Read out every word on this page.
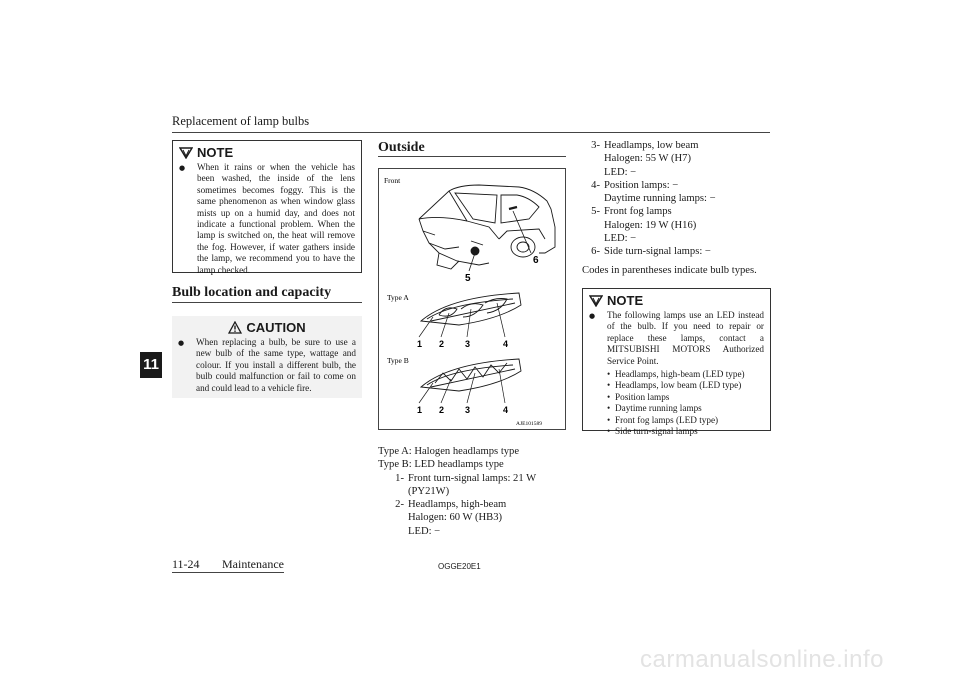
Replacement of lamp bulbs
11
NOTE
● When it rains or when the vehicle has been washed, the inside of the lens sometimes becomes foggy. This is the same phenomenon as when window glass mists up on a humid day, and does not indicate a functional problem. When the lamp is switched on, the heat will remove the fog. However, if water gathers inside the lamp, we recommend you to have the lamp checked.
Bulb location and capacity
CAUTION
● When replacing a bulb, be sure to use a new bulb of the same type, wattage and colour. If you install a different bulb, the bulb could malfunction or fail to come on and could lead to a vehicle fire.
Outside
Front
5
6
Type A
1 2 3	4
Type B
1 2 3	4
AJE101589
Type A: Halogen headlamps type
Type B: LED headlamps type
1- Front turn-signal lamps: 21 W (PY21W)
2- Headlamps, high-beam
Halogen: 60 W (HB3)
LED: −
3- Headlamps, low beam
Halogen: 55 W (H7)
LED: −
4- Position lamps: −
Daytime running lamps: −
5- Front fog lamps
Halogen: 19 W (H16)
LED: −
6- Side turn-signal lamps: −
Codes in parentheses indicate bulb types.
NOTE
● The following lamps use an LED instead of the bulb. If you need to repair or replace these lamps, contact a MITSUBISHI MOTORS Authorized Service Point.
• Headlamps, high-beam (LED type)
• Headlamps, low beam (LED type)
• Position lamps
• Daytime running lamps
• Front fog lamps (LED type)
• Side turn-signal lamps
11-24 Maintenance	OGGE20E1
carmanualsonline.info
